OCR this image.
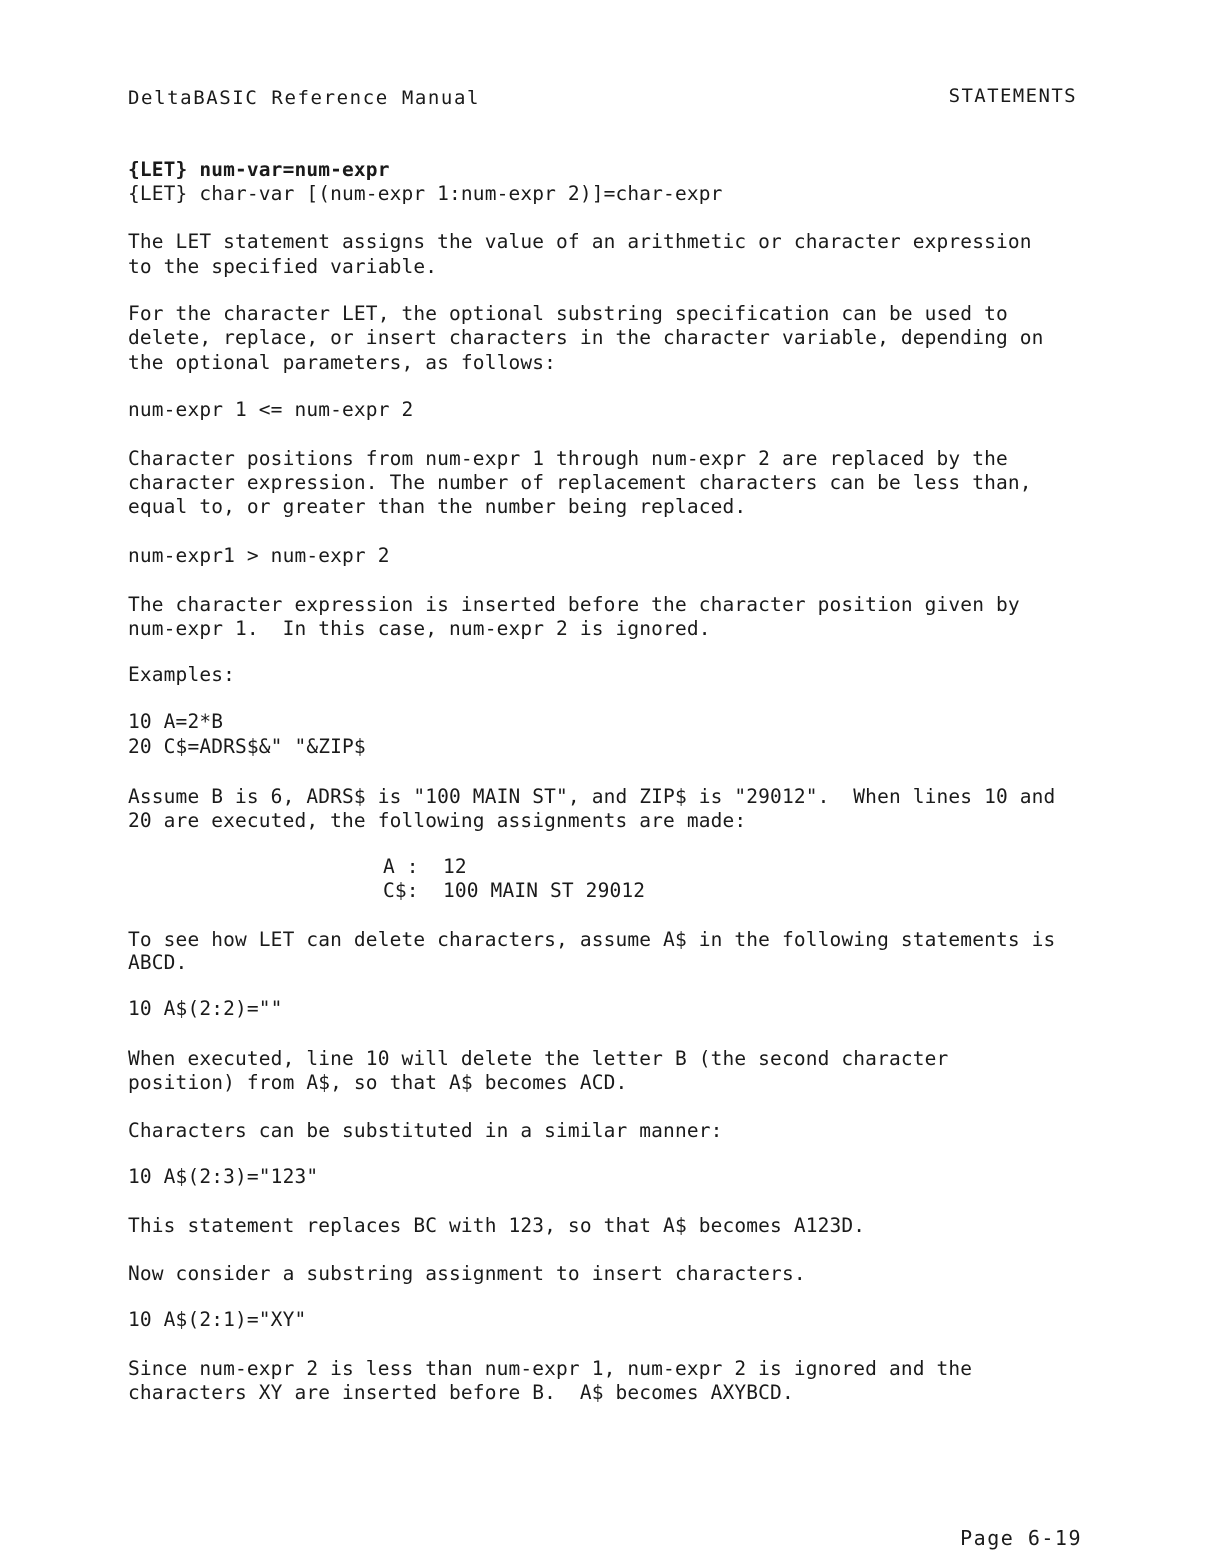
DeltaBASIC Reference Manual	STATEMENTS
{LET} num-var=num-expr
{LET} char-var [(num-expr 1:num-expr 2)]=char-expr
The LET statement assigns the value of an arithmetic or character expression
to the specified variable.
For the character LET, the optional substring specification can be used to
delete, replace, or insert characters in the character variable, depending on
the optional parameters, as follows:
num-expr 1 <= num-expr 2
Character positions from num-expr 1 through num-expr 2 are replaced by the
character expression. The number of replacement characters can be less than,
equal to, or greater than the number being replaced.
num-expr1 > num-expr 2
The character expression is inserted before the character position given by
num-expr 1.  In this case, num-expr 2 is ignored.
Examples:
10 A=2*B
20 C$=ADRS$&" "&ZIP$
Assume B is 6, ADRS$ is "100 MAIN ST", and ZIP$ is "29012".  When lines 10 and
20 are executed, the following assignments are made:
A : 12
C$: 100 MAIN ST 29012
To see how LET can delete characters, assume A$ in the following statements is
ABCD.
10 A$(2:2)=""
When executed, line 10 will delete the letter B (the second character
position) from A$, so that A$ becomes ACD.
Characters can be substituted in a similar manner:
10 A$(2:3)="123"
This statement replaces BC with 123, so that A$ becomes A123D.
Now consider a substring assignment to insert characters.
10 A$(2:1)="XY"
Since num-expr 2 is less than num-expr 1, num-expr 2 is ignored and the
characters XY are inserted before B.  A$ becomes AXYBCD.
Page 6-19
